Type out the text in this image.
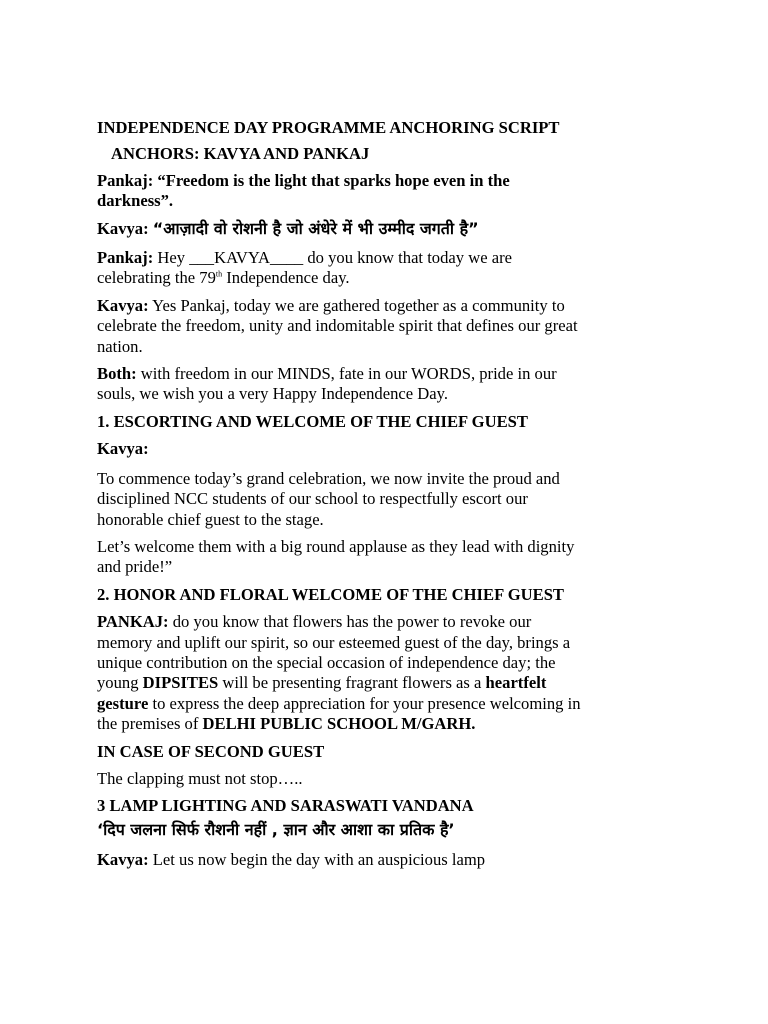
INDEPENDENCE DAY PROGRAMME ANCHORING SCRIPT

ANCHORS: KAVYA AND PANKAJ

Pankaj: “Freedom is the light that sparks hope even in the darkness”.

Kavya: “आज़ादी वो रोशनी है जो अंधेरे में भी उम्मीद जगती है”

Pankaj: Hey ___KAVYA____ do you know that today we are celebrating the 79th Independence day.

Kavya: Yes Pankaj, today we are gathered together as a community to celebrate the freedom, unity and indomitable spirit that defines our great nation.

Both: with freedom in our MINDS, fate in our WORDS, pride in our souls, we wish you a very Happy Independence Day.

1. ESCORTING AND WELCOME OF THE CHIEF GUEST

Kavya:

To commence today’s grand celebration, we now invite the proud and disciplined NCC students of our school to respectfully escort our honorable chief guest to the stage.

Let’s welcome them with a big round applause as they lead with dignity and pride!”

2. HONOR AND FLORAL WELCOME OF THE CHIEF GUEST

PANKAJ: do you know that flowers has the power to revoke our memory and uplift our spirit, so our esteemed guest of the day, brings a unique contribution on the special occasion of independence day; the young DIPSITES will be presenting fragrant flowers as a heartfelt gesture to express the deep appreciation for your presence welcoming in the premises of DELHI PUBLIC SCHOOL M/GARH.

IN CASE OF SECOND GUEST

The clapping must not stop…..

3 LAMP LIGHTING AND SARASWATI VANDANA

‘दिप जलना सिर्फ रौशनी नहीं , ज्ञान और आशा का प्रतिक है’

Kavya: Let us now begin the day with an auspicious lamp
